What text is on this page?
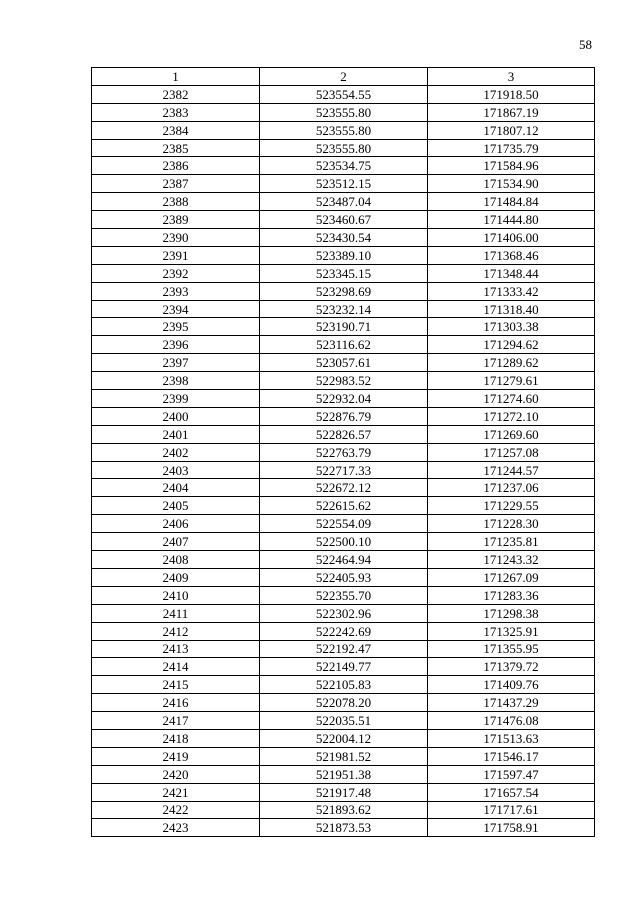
58
1	2	3
2382	523554.55	171918.50
2383	523555.80	171867.19
2384	523555.80	171807.12
2385	523555.80	171735.79
2386	523534.75	171584.96
2387	523512.15	171534.90
2388	523487.04	171484.84
2389	523460.67	171444.80
2390	523430.54	171406.00
2391	523389.10	171368.46
2392	523345.15	171348.44
2393	523298.69	171333.42
2394	523232.14	171318.40
2395	523190.71	171303.38
2396	523116.62	171294.62
2397	523057.61	171289.62
2398	522983.52	171279.61
2399	522932.04	171274.60
2400	522876.79	171272.10
2401	522826.57	171269.60
2402	522763.79	171257.08
2403	522717.33	171244.57
2404	522672.12	171237.06
2405	522615.62	171229.55
2406	522554.09	171228.30
2407	522500.10	171235.81
2408	522464.94	171243.32
2409	522405.93	171267.09
2410	522355.70	171283.36
2411	522302.96	171298.38
2412	522242.69	171325.91
2413	522192.47	171355.95
2414	522149.77	171379.72
2415	522105.83	171409.76
2416	522078.20	171437.29
2417	522035.51	171476.08
2418	522004.12	171513.63
2419	521981.52	171546.17
2420	521951.38	171597.47
2421	521917.48	171657.54
2422	521893.62	171717.61
2423	521873.53	171758.91
